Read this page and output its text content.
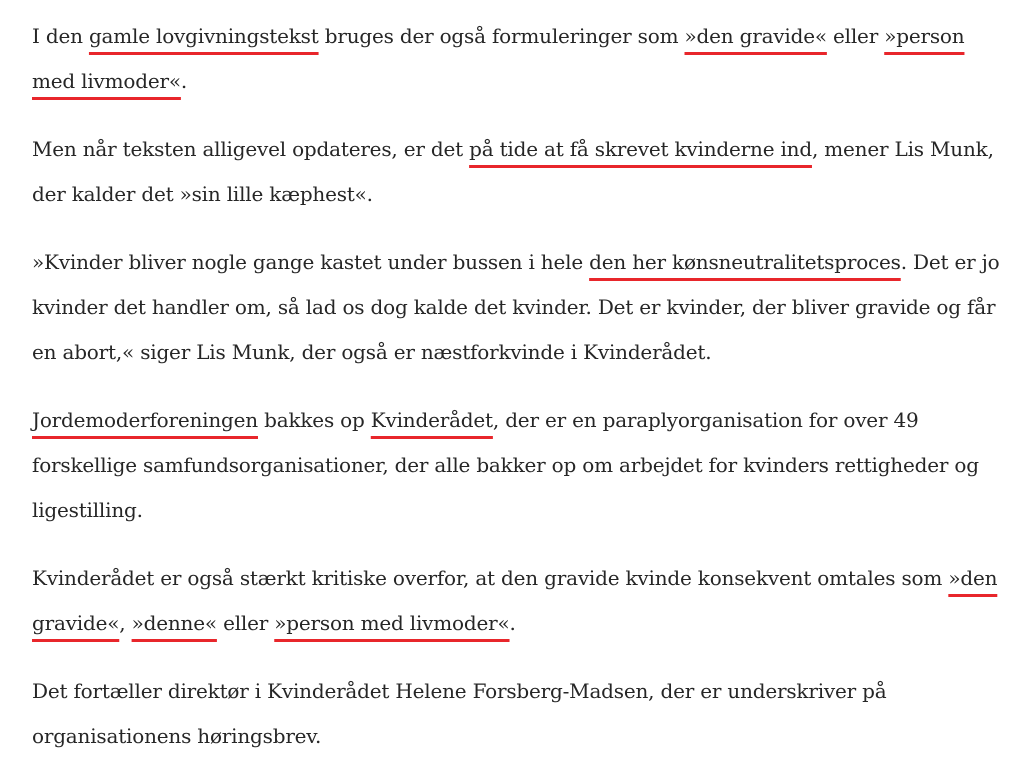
I den gamle lovgivningstekst bruges der også formuleringer som »den gravide« eller »person med livmoder«.

Men når teksten alligevel opdateres, er det på tide at få skrevet kvinderne ind, mener Lis Munk, der kalder det »sin lille kæphest«.

»Kvinder bliver nogle gange kastet under bussen i hele den her kønsneutralitetsproces. Det er jo kvinder det handler om, så lad os dog kalde det kvinder. Det er kvinder, der bliver gravide og får en abort,« siger Lis Munk, der også er næstforkvinde i Kvinderådet.

Jordemoderforeningen bakkes op Kvinderådet, der er en paraplyorganisation for over 49 forskellige samfundsorganisationer, der alle bakker op om arbejdet for kvinders rettigheder og ligestilling.

Kvinderådet er også stærkt kritiske overfor, at den gravide kvinde konsekvent omtales som »den gravide«, »denne« eller »person med livmoder«.

Det fortæller direktør i Kvinderådet Helene Forsberg-Madsen, der er underskriver på organisationens høringsbrev.
